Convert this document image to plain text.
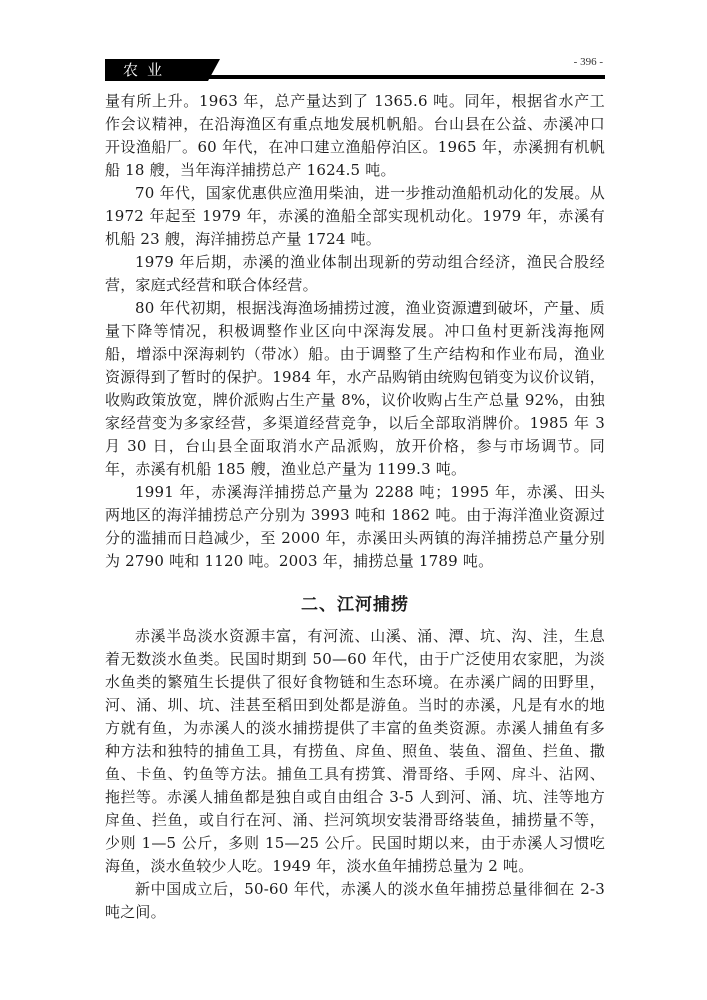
农业	- 396 -

量有所上升。1963 年，总产量达到了 1365.6 吨。同年，根据省水产工作会议精神，在沿海渔区有重点地发展机帆船。台山县在公益、赤溪冲口开设渔船厂。60 年代，在冲口建立渔船停泊区。1965 年，赤溪拥有机帆船 18 艘，当年海洋捕捞总产 1624.5 吨。

70 年代，国家优惠供应渔用柴油，进一步推动渔船机动化的发展。从 1972 年起至 1979 年，赤溪的渔船全部实现机动化。1979 年，赤溪有机船 23 艘，海洋捕捞总产量 1724 吨。

1979 年后期，赤溪的渔业体制出现新的劳动组合经济，渔民合股经营，家庭式经营和联合体经营。

80 年代初期，根据浅海渔场捕捞过渡，渔业资源遭到破坏，产量、质量下降等情况，积极调整作业区向中深海发展。冲口鱼村更新浅海拖网船，增添中深海刺钓（带冰）船。由于调整了生产结构和作业布局，渔业资源得到了暂时的保护。1984 年，水产品购销由统购包销变为议价议销，收购政策放宽，牌价派购占生产量 8%，议价收购占生产总量 92%，由独家经营变为多家经营，多渠道经营竞争，以后全部取消牌价。1985 年 3 月 30 日，台山县全面取消水产品派购，放开价格，参与市场调节。同年，赤溪有机船 185 艘，渔业总产量为 1199.3 吨。

1991 年，赤溪海洋捕捞总产量为 2288 吨；1995 年，赤溪、田头两地区的海洋捕捞总产分别为 3993 吨和 1862 吨。由于海洋渔业资源过分的滥捕而日趋减少，至 2000 年，赤溪田头两镇的海洋捕捞总产量分别为 2790 吨和 1120 吨。2003 年，捕捞总量 1789 吨。

二、江河捕捞

赤溪半岛淡水资源丰富，有河流、山溪、涌、潭、坑、沟、洼，生息着无数淡水鱼类。民国时期到 50—60 年代，由于广泛使用农家肥，为淡水鱼类的繁殖生长提供了很好食物链和生态环境。在赤溪广阔的田野里，河、涌、圳、坑、洼甚至稻田到处都是游鱼。当时的赤溪，凡是有水的地方就有鱼，为赤溪人的淡水捕捞提供了丰富的鱼类资源。赤溪人捕鱼有多种方法和独特的捕鱼工具，有捞鱼、戽鱼、照鱼、装鱼、溜鱼、拦鱼、撒鱼、卡鱼、钓鱼等方法。捕鱼工具有捞箕、滑哥络、手网、戽斗、沾网、拖拦等。赤溪人捕鱼都是独自或自由组合 3-5 人到河、涌、坑、洼等地方戽鱼、拦鱼，或自行在河、涌、拦河筑坝安装滑哥络装鱼，捕捞量不等，少则 1—5 公斤，多则 15—25 公斤。民国时期以来，由于赤溪人习惯吃海鱼，淡水鱼较少人吃。1949 年，淡水鱼年捕捞总量为 2 吨。

新中国成立后，50-60 年代，赤溪人的淡水鱼年捕捞总量徘徊在 2-3 吨之间。
